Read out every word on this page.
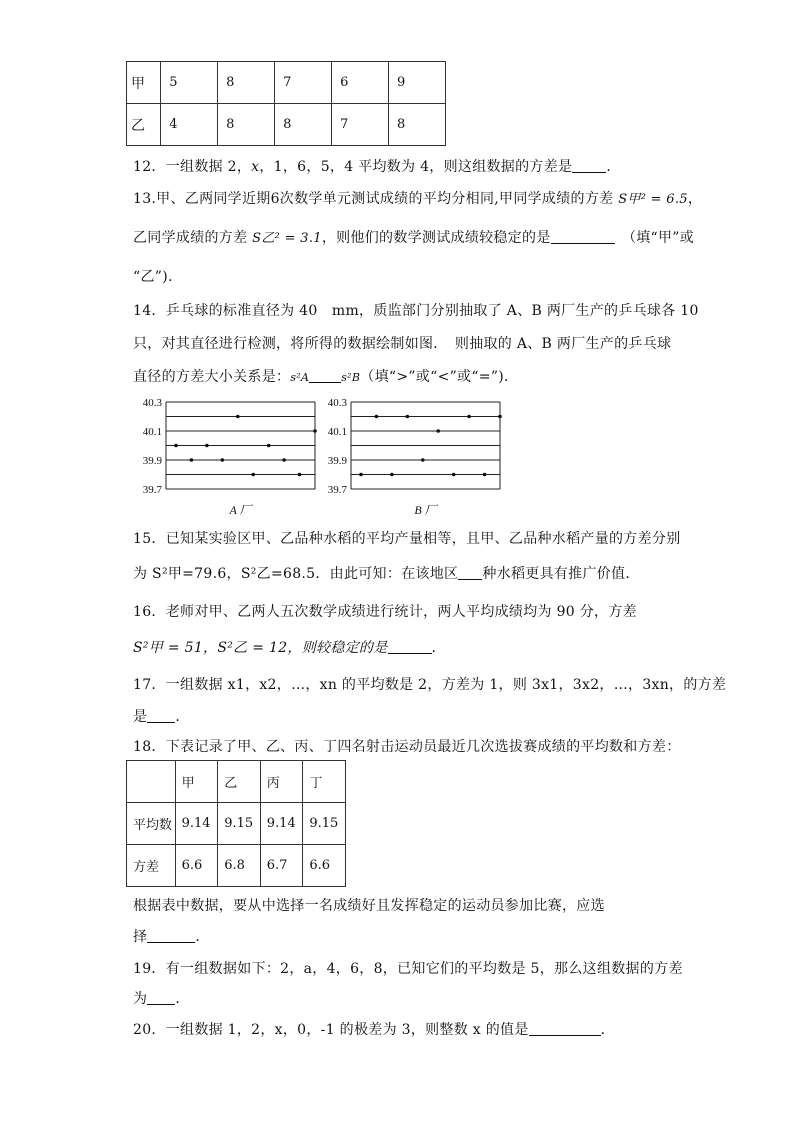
甲	5	8	7	6	9
乙	4	8	8	7	8
12．一组数据 2，x，1，6，5，4 平均数为 4，则这组数据的方差是 ．
13.甲、乙两同学近期6次数学单元测试成绩的平均分相同,甲同学成绩的方差 S甲² = 6.5，
乙同学成绩的方差 S乙² = 3.1，则他们的数学测试成绩较稳定的是　	（填“甲”或
“乙”).
14．乒乓球的标准直径为 40　mm，质监部门分别抽取了 A、B 两厂生产的乒乓球各 10
只，对其直径进行检测，将所得的数据绘制如图．　则抽取的 A、B 两厂生产的乒乓球
直径的方差大小关系是：s²A	s²B（填“>”或“<”或“=”)．
40.3
40.1
39.9
39.7
A 厂
40.3
40.1
39.9
39.7
B 厂
15．已知某实验区甲、乙品种水稻的平均产量相等，且甲、乙品种水稻产量的方差分别
为 S²甲=79.6，S²乙=68.5．由此可知：在该地区 种水稻更具有推广价值．
16．老师对甲、乙两人五次数学成绩进行统计，两人平均成绩均为 90 分，方差
S²甲 = 51，S²乙 = 12，则较稳定的是	．
17．一组数据 x1，x2，…，xn 的平均数是 2，方差为 1，则 3x1，3x2，…，3xn，的方差
是 ．
18．下表记录了甲、乙、丙、丁四名射击运动员最近几次选拔赛成绩的平均数和方差：
	甲	乙	丙	丁
平均数	9.14	9.15	9.14	9.15
方差	6.6	6.8	6.7	6.6
根据表中数据，要从中选择一名成绩好且发挥稳定的运动员参加比赛，应选
择	．
19．有一组数据如下：2，a，4，6，8，已知它们的平均数是 5，那么这组数据的方差
为 ．
20．一组数据 1，2，x，0，-1 的极差为 3，则整数 x 的值是	．
